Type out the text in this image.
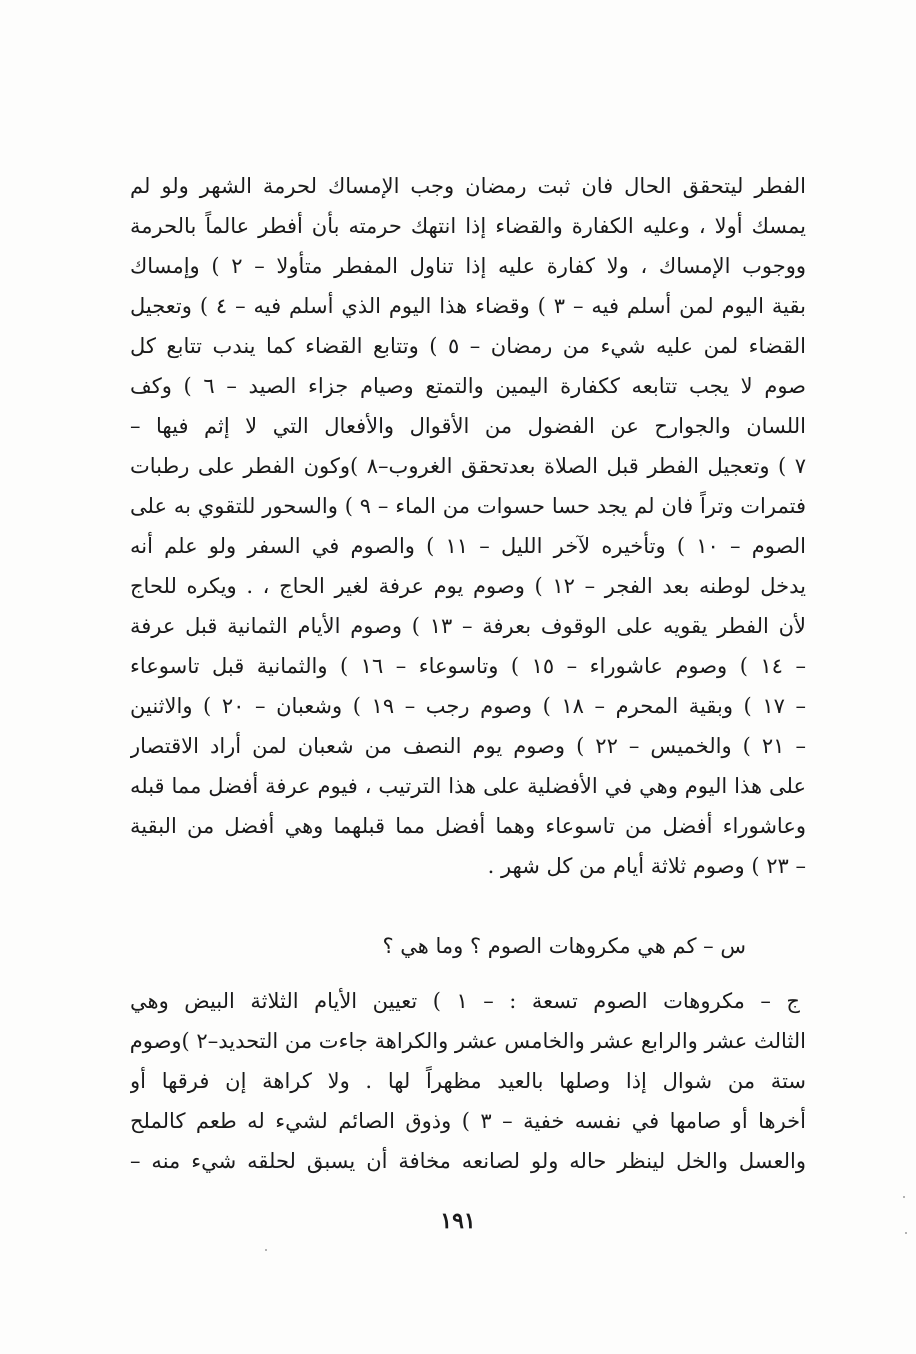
الفطر ليتحقق الحال فان ثبت رمضان وجب الإمساك لحرمة الشهر ولو لم
يمسك أولا ، وعليه الكفارة والقضاء إذا انتهك حرمته بأن أفطر عالماً بالحرمة
ووجوب الإمساك ، ولا كفارة عليه إذا تناول المفطر متأولا – ٢ ) وإمساك
بقية اليوم لمن أسلم فيه – ٣ ) وقضاء هذا اليوم الذي أسلم فيه – ٤ ) وتعجيل
القضاء لمن عليه شيء من رمضان – ٥ ) وتتابع القضاء كما يندب تتابع كل
صوم لا يجب تتابعه ككفارة اليمين والتمتع وصيام جزاء الصيد – ٦ ) وكف
اللسان والجوارح عن الفضول من الأقوال والأفعال التي لا إثم فيها –
٧ ) وتعجيل الفطر قبل الصلاة بعدتحقق الغروب–٨ )وكون الفطر على رطبات
فتمرات وتراً فان لم يجد حسا حسوات من الماء – ٩ ) والسحور للتقوي به على
الصوم – ١٠ ) وتأخيره لآخر الليل – ١١ ) والصوم في السفر ولو علم أنه
يدخل لوطنه بعد الفجر – ١٢ ) وصوم يوم عرفة لغير الحاج ، . ويكره للحاج
لأن الفطر يقويه على الوقوف بعرفة – ١٣ ) وصوم الأيام الثمانية قبل عرفة
– ١٤ ) وصوم عاشوراء – ١٥ ) وتاسوعاء – ١٦ ) والثمانية قبل تاسوعاء
– ١٧ ) وبقية المحرم – ١٨ ) وصوم رجب – ١٩ ) وشعبان – ٢٠ ) والاثنين
– ٢١ ) والخميس – ٢٢ ) وصوم يوم النصف من شعبان لمن أراد الاقتصار
على هذا اليوم وهي في الأفضلية على هذا الترتيب ، فيوم عرفة أفضل مما قبله
وعاشوراء أفضل من تاسوعاء وهما أفضل مما قبلهما وهي أفضل من البقية
– ٢٣ ) وصوم ثلاثة أيام من كل شهر .
س – كم هي مكروهات الصوم ؟ وما هي ؟
ج – مكروهات الصوم تسعة : – ١ ) تعيين الأيام الثلاثة البيض وهي
الثالث عشر والرابع عشر والخامس عشر والكراهة جاءت من التحديد–٢ )وصوم
ستة من شوال إذا وصلها بالعيد مظهراً لها . ولا كراهة إن فرقها أو
أخرها أو صامها في نفسه خفية – ٣ ) وذوق الصائم لشيء له طعم كالملح
والعسل والخل لينظر حاله ولو لصانعه مخافة أن يسبق لحلقه شيء منه –
١٩١
